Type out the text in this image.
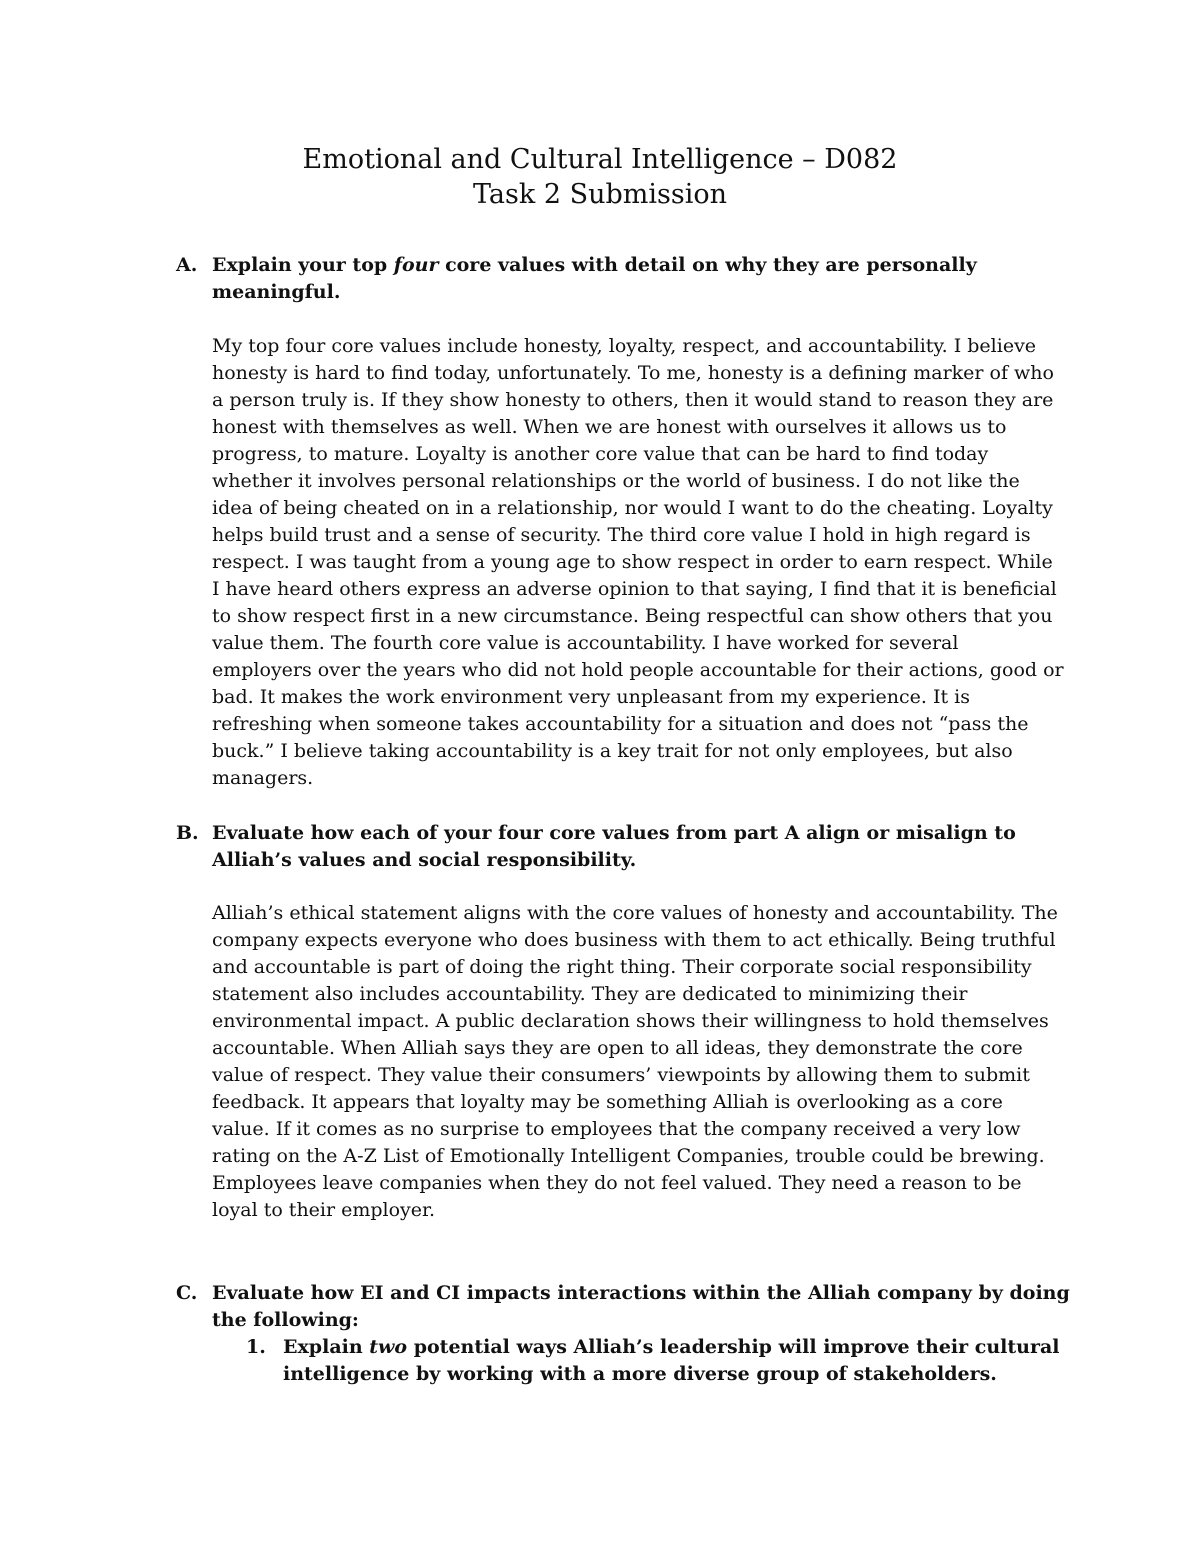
Emotional and Cultural Intelligence – D082
Task 2 Submission
A. Explain your top four core values with detail on why they are personally meaningful.

My top four core values include honesty, loyalty, respect, and accountability. I believe honesty is hard to find today, unfortunately. To me, honesty is a defining marker of who a person truly is. If they show honesty to others, then it would stand to reason they are honest with themselves as well. When we are honest with ourselves it allows us to progress, to mature. Loyalty is another core value that can be hard to find today whether it involves personal relationships or the world of business. I do not like the idea of being cheated on in a relationship, nor would I want to do the cheating. Loyalty helps build trust and a sense of security. The third core value I hold in high regard is respect. I was taught from a young age to show respect in order to earn respect. While I have heard others express an adverse opinion to that saying, I find that it is beneficial to show respect first in a new circumstance. Being respectful can show others that you value them. The fourth core value is accountability. I have worked for several employers over the years who did not hold people accountable for their actions, good or bad. It makes the work environment very unpleasant from my experience. It is refreshing when someone takes accountability for a situation and does not “pass the buck.” I believe taking accountability is a key trait for not only employees, but also managers.

B. Evaluate how each of your four core values from part A align or misalign to Alliah’s values and social responsibility.

Alliah’s ethical statement aligns with the core values of honesty and accountability. The company expects everyone who does business with them to act ethically. Being truthful and accountable is part of doing the right thing. Their corporate social responsibility statement also includes accountability. They are dedicated to minimizing their environmental impact. A public declaration shows their willingness to hold themselves accountable. When Alliah says they are open to all ideas, they demonstrate the core value of respect. They value their consumers’ viewpoints by allowing them to submit feedback. It appears that loyalty may be something Alliah is overlooking as a core value. If it comes as no surprise to employees that the company received a very low rating on the A-Z List of Emotionally Intelligent Companies, trouble could be brewing. Employees leave companies when they do not feel valued. They need a reason to be loyal to their employer.

C. Evaluate how EI and CI impacts interactions within the Alliah company by doing the following:

1. Explain two potential ways Alliah’s leadership will improve their cultural intelligence by working with a more diverse group of stakeholders.
